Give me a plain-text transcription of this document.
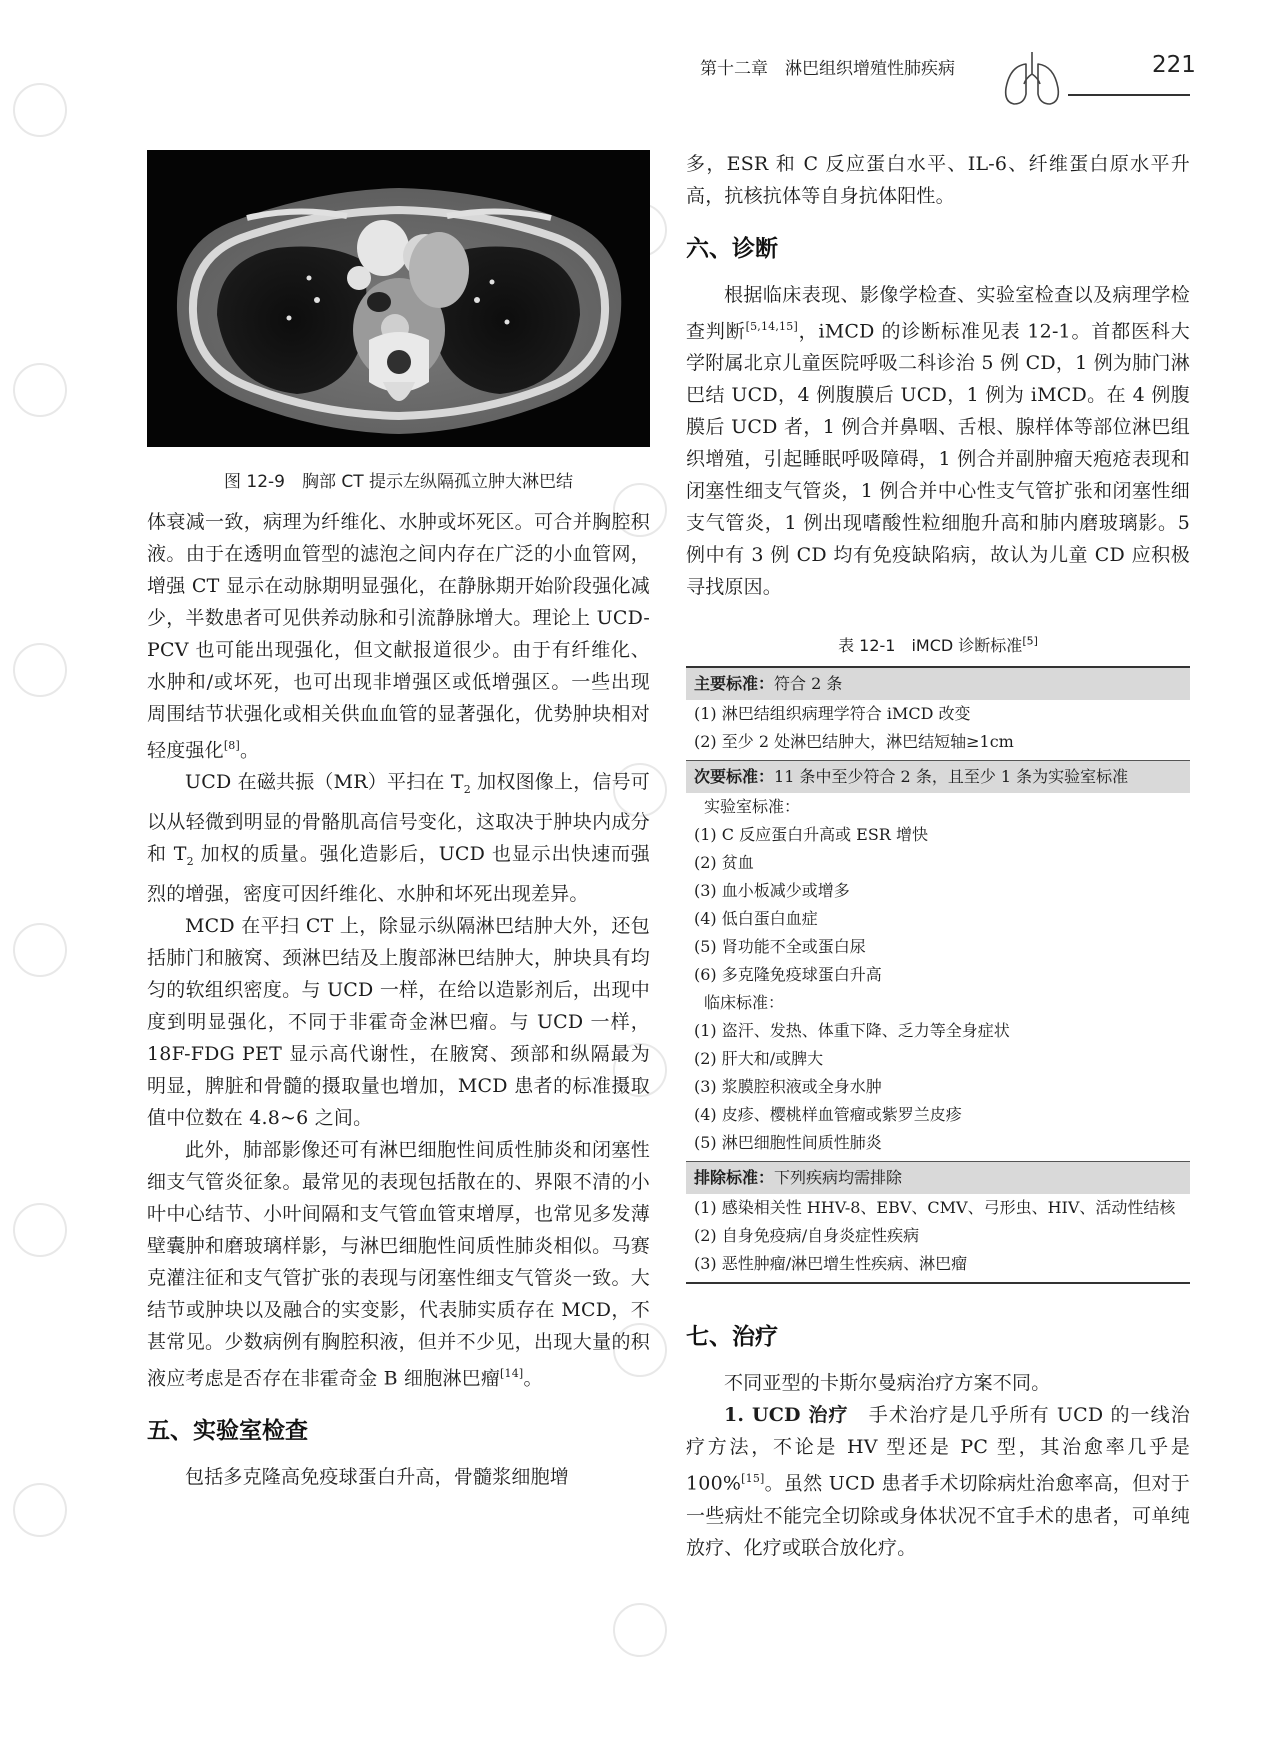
第十二章　淋巴组织增殖性肺疾病	221
图 12-9　胸部 CT 提示左纵隔孤立肿大淋巴结

体衰减一致，病理为纤维化、水肿或坏死区。可合并胸腔积液。由于在透明血管型的滤泡之间内存在广泛的小血管网，增强 CT 显示在动脉期明显强化，在静脉期开始阶段强化减少，半数患者可见供养动脉和引流静脉增大。理论上 UCD-PCV 也可能出现强化，但文献报道很少。由于有纤维化、水肿和/或坏死，也可出现非增强区或低增强区。一些出现周围结节状强化或相关供血血管的显著强化，优势肿块相对轻度强化[8]。

UCD 在磁共振（MR）平扫在 $T_2$ 加权图像上，信号可以从轻微到明显的骨骼肌高信号变化，这取决于肿块内成分和 $T_2$ 加权的质量。强化造影后，UCD 也显示出快速而强烈的增强，密度可因纤维化、水肿和坏死出现差异。

MCD 在平扫 CT 上，除显示纵隔淋巴结肿大外，还包括肺门和腋窝、颈淋巴结及上腹部淋巴结肿大，肿块具有均匀的软组织密度。与 UCD 一样，在给以造影剂后，出现中度到明显强化，不同于非霍奇金淋巴瘤。与 UCD 一样，18F-FDG PET 显示高代谢性，在腋窝、颈部和纵隔最为明显，脾脏和骨髓的摄取量也增加，MCD 患者的标准摄取值中位数在 4.8~6 之间。

此外，肺部影像还可有淋巴细胞性间质性肺炎和闭塞性细支气管炎征象。最常见的表现包括散在的、界限不清的小叶中心结节、小叶间隔和支气管血管束增厚，也常见多发薄壁囊肿和磨玻璃样影，与淋巴细胞性间质性肺炎相似。马赛克灌注征和支气管扩张的表现与闭塞性细支气管炎一致。大结节或肿块以及融合的实变影，代表肺实质存在 MCD，不甚常见。少数病例有胸腔积液，但并不少见，出现大量的积液应考虑是否存在非霍奇金 B 细胞淋巴瘤[14]。

五、实验室检查

包括多克隆高免疫球蛋白升高，骨髓浆细胞增

多，ESR 和 C 反应蛋白水平、IL-6、纤维蛋白原水平升高，抗核抗体等自身抗体阳性。

六、诊断

根据临床表现、影像学检查、实验室检查以及病理学检查判断[5,14,15]，iMCD 的诊断标准见表 12-1。首都医科大学附属北京儿童医院呼吸二科诊治 5 例 CD，1 例为肺门淋巴结 UCD，4 例腹膜后 UCD，1 例为 iMCD。在 4 例腹膜后 UCD 者，1 例合并鼻咽、舌根、腺样体等部位淋巴组织增殖，引起睡眠呼吸障碍，1 例合并副肿瘤天疱疮表现和闭塞性细支气管炎，1 例合并中心性支气管扩张和闭塞性细支气管炎，1 例出现嗜酸性粒细胞升高和肺内磨玻璃影。5 例中有 3 例 CD 均有免疫缺陷病，故认为儿童 CD 应积极寻找原因。

表 12-1　iMCD 诊断标准[5]
主要标准：符合 2 条
(1) 淋巴结组织病理学符合 iMCD 改变
(2) 至少 2 处淋巴结肿大，淋巴结短轴≥1cm
次要标准：11 条中至少符合 2 条，且至少 1 条为实验室标准
实验室标准：
(1) C 反应蛋白升高或 ESR 增快
(2) 贫血
(3) 血小板减少或增多
(4) 低白蛋白血症
(5) 肾功能不全或蛋白尿
(6) 多克隆免疫球蛋白升高
临床标准：
(1) 盗汗、发热、体重下降、乏力等全身症状
(2) 肝大和/或脾大
(3) 浆膜腔积液或全身水肿
(4) 皮疹、樱桃样血管瘤或紫罗兰皮疹
(5) 淋巴细胞性间质性肺炎
排除标准：下列疾病均需排除
(1) 感染相关性 HHV-8、EBV、CMV、弓形虫、HIV、活动性结核
(2) 自身免疫病/自身炎症性疾病
(3) 恶性肿瘤/淋巴增生性疾病、淋巴瘤
七、治疗

不同亚型的卡斯尔曼病治疗方案不同。

1. UCD 治疗　手术治疗是几乎所有 UCD 的一线治疗方法，不论是 HV 型还是 PC 型，其治愈率几乎是 100%[15]。虽然 UCD 患者手术切除病灶治愈率高，但对于一些病灶不能完全切除或身体状况不宜手术的患者，可单纯放疗、化疗或联合放化疗。
